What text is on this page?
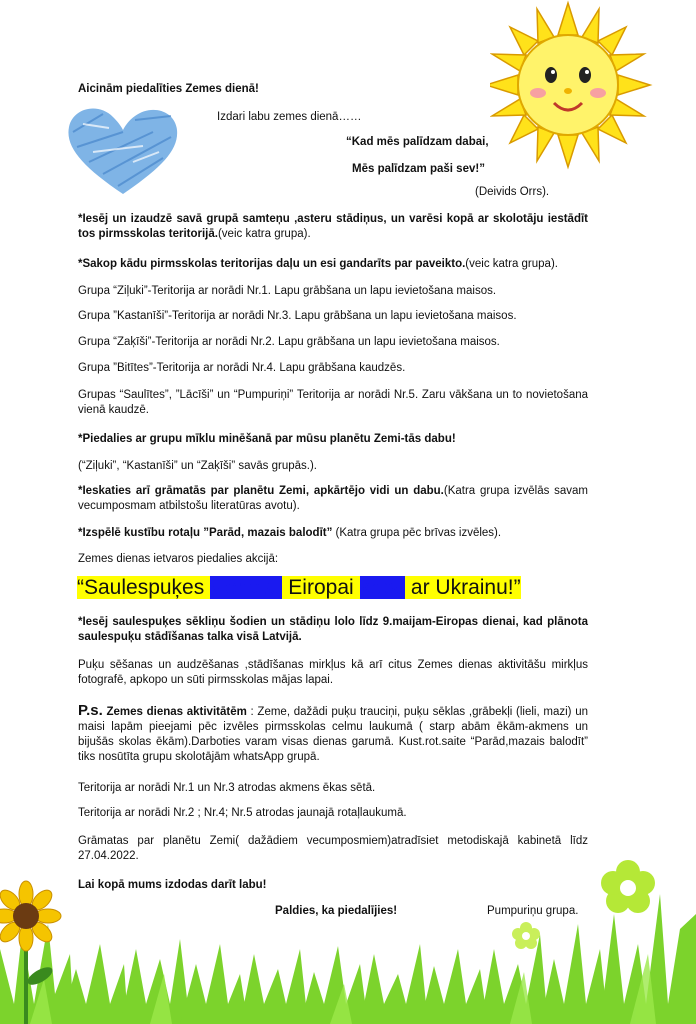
Aicinām piedalīties Zemes dienā!
Izdari labu zemes dienā……
“Kad mēs palīdzam dabai,
Mēs palīdzam paši sev!”
(Deivids Orrs).
*Iesēj un izaudzē savā grupā samteņu ,asteru stādiņus, un varēsi kopā ar skolotāju iestādīt tos pirmsskolas teritorijā.(veic katra grupa).
*Sakop kādu pirmsskolas teritorijas daļu un esi gandarīts par paveikto.(veic katra grupa).
Grupa “Ziļuki”-Teritorija ar norādi Nr.1. Lapu grābšana un lapu ievietošana maisos.
Grupa ”Kastanīši”-Teritorija ar norādi Nr.3. Lapu grābšana un lapu ievietošana maisos.
Grupa “Zaķīši”-Teritorija ar norādi Nr.2. Lapu grābšana un lapu ievietošana maisos.
Grupa ”Bitītes”-Teritorija ar norādi Nr.4. Lapu grābšana kaudzēs.
Grupas “Saulītes”, ”Lācīši” un “Pumpuriņi” Teritorija ar norādi Nr.5. Zaru vākšana un to novietošana vienā kaudzē.
*Piedalies ar grupu mīklu minēšanā par mūsu planētu Zemi-tās dabu!
(“Ziļuki”, “Kastanīši” un “Zaķīši” savās grupās.).
*Ieskaties arī grāmatās par planētu Zemi, apkārtējo vidi un dabu.(Katra grupa izvēlās savam vecumposmam atbilstošu literatūras avotu).
*Izspēlē kustību rotaļu ”Parād, mazais balodīt” (Katra grupa pēc brīvas izvēles).
Zemes dienas ietvaros piedalies akcijā:
“Saulespuķes vienotai Eiropai kopā ar Ukrainu!”
*Iesēj saulespuķes sēkliņu šodien un stādiņu lolo līdz 9.maijam-Eiropas dienai, kad plānota saulespuķu stādīšanas talka visā Latvijā.
Puķu sēšanas un audzēšanas ,stādīšanas mirkļus kā arī citus Zemes dienas aktivitāšu mirkļus fotografē, apkopo un sūti pirmsskolas mājas lapai.
P.s. Zemes dienas aktivitātēm : Zeme, dažādi puķu trauciņi, puķu sēklas ,grābekļi (lieli, mazi) un maisi lapām pieejami pēc izvēles pirmsskolas celmu laukumā ( starp abām ēkām-akmens un bijušās skolas ēkām).Darboties varam visas dienas garumā. Kust.rot.saite “Parād,mazais balodīt” tiks nosūtīta grupu skolotājām whatsApp grupā.
Teritorija ar norādi Nr.1 un Nr.3 atrodas akmens ēkas sētā.
Teritorija ar norādi Nr.2 ; Nr.4; Nr.5 atrodas jaunajā rotaļlaukumā.
Grāmatas par planētu Zemi( dažādiem vecumposmiem)atradīsiet metodiskajā kabinetā līdz 27.04.2022.
Lai kopā mums izdodas darīt labu!
Paldies, ka piedalījies!	Pumpuriņu grupa.
